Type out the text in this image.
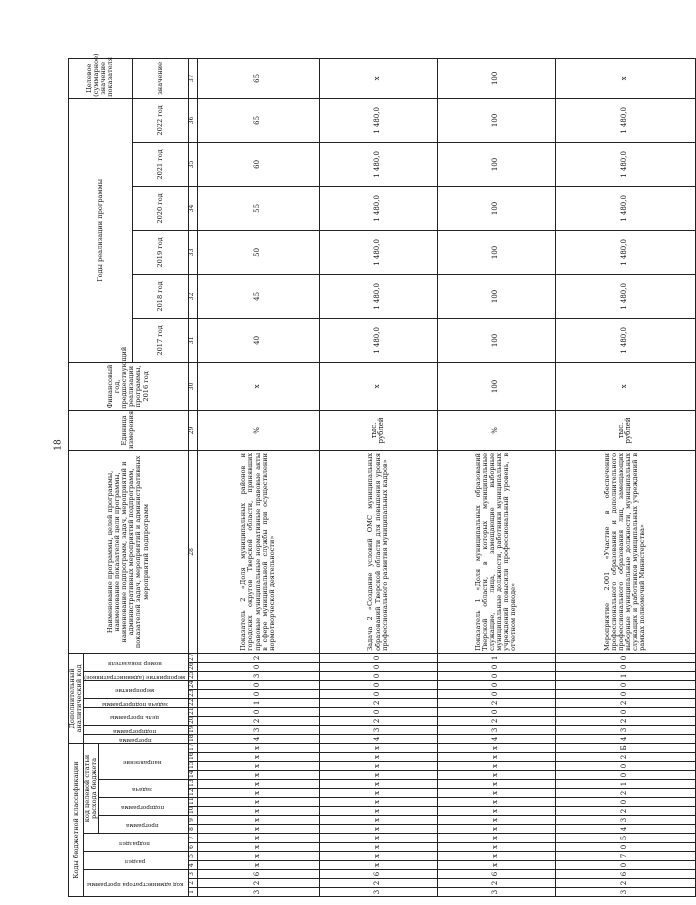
18
Коды бюджетной классификации																	Дополнительный аналитический код										Наименование программы, целей программы, наименование показателей цели программы, наименование подпрограмм, задач, мероприятий и административных мероприятий подпрограмм, показателей задач, мероприятий и административных мероприятий подпрограмм	Единица измерения	Финансовый год, предшествующий реализации программы, 2016 год	Годы реализации программы						Целевое (суммарное) значение показателя
код администратора программы			раздел		подраздел		код целевой статьи расхода бюджета										программа	подпрограмма	цель программы		задача подпрограммы	мероприятие		мероприятие (административное)	номер показателя											
							программа		подпрограмма		задача		направление																							
																														2017 год	2018 год	2019 год	2020 год	2021 год	2022 год	значение
1	2	3	4	5	6	7	8	9	10	11	12	13	14	15	16	17	18	19	20	21	22	23	24	25	26	27	28	29	30	31	32	33	34	35	36	37
3	2	6	x	x	x	x	x	x	x	x	x	x	x	x	x	x	4	3	2	0	1	0	0	3	0	2	Показатель 2 «Доля муниципальных районов и городских округов Тверской области, принявших правовые муниципальные нормативные правовые акты в сфере муниципальной службы при осуществлении нормотворческой деятельности»	%	x	40	45	50	55	60	65	65
3	2	6	x	x	x	x	x	x	x	x	x	x	x	x	x	x	4	3	2	0	2	0	0	0	0	0	Задача 2 «Создание условий ОМС муниципальных образований Тверской области для повышения уровня профессионального развития муниципальных кадров»	тыс. рублей	x	1 480,0	1 480,0	1 480,0	1 480,0	1 480,0	1 480,0	x
3	2	6	x	x	x	x	x	x	x	x	x	x	x	x	x	x	4	3	2	0	2	0	0	0	0	1	Показатель 1 «Доля муниципальных образований Тверской области, в которых муниципальные служащие, лица, замещающие выборные муниципальные должности, работники муниципальных учреждений повысили профессиональный уровень, в отчетном периоде»	%	100	100	100	100	100	100	100	100
3	2	6	0	7	0	5	4	3	2	0	2	1	0	0	2	Б	4	3	2	0	2	0	0	1	0	0	Мероприятие 2.001 «Участие в обеспечении профессионального образования и дополнительного профессионального образования лиц, замещающих выборные муниципальные должности, муниципальных служащих и работников муниципальных учреждений в рамках полномочий Министерства»	тыс. рублей	x	1 480,0	1 480,0	1 480,0	1 480,0	1 480,0	1 480,0	x
